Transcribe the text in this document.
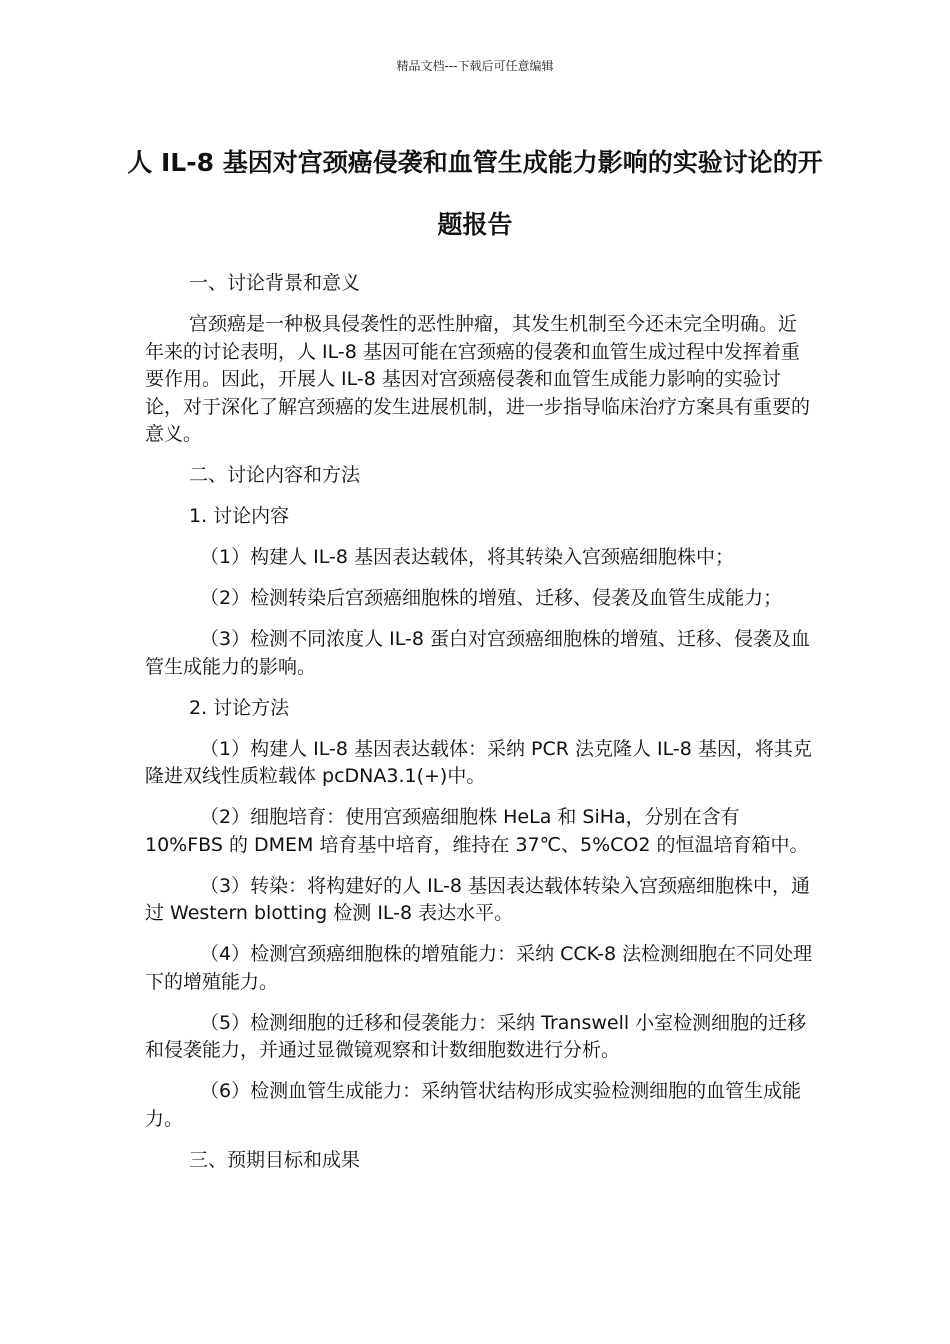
精品文档---下载后可任意编辑
人 IL-8 基因对宫颈癌侵袭和血管生成能力影响的实验讨论的开题报告

一、讨论背景和意义

宫颈癌是一种极具侵袭性的恶性肿瘤，其发生机制至今还未完全明确。近年来的讨论表明，人 IL-8 基因可能在宫颈癌的侵袭和血管生成过程中发挥着重要作用。因此，开展人 IL-8 基因对宫颈癌侵袭和血管生成能力影响的实验讨论，对于深化了解宫颈癌的发生进展机制，进一步指导临床治疗方案具有重要的意义。

二、讨论内容和方法

1. 讨论内容

（1）构建人 IL-8 基因表达载体，将其转染入宫颈癌细胞株中；

（2）检测转染后宫颈癌细胞株的增殖、迁移、侵袭及血管生成能力；

（3）检测不同浓度人 IL-8 蛋白对宫颈癌细胞株的增殖、迁移、侵袭及血管生成能力的影响。

2. 讨论方法

（1）构建人 IL-8 基因表达载体：采纳 PCR 法克隆人 IL-8 基因，将其克隆进双线性质粒载体 pcDNA3.1(+)中。

（2）细胞培育：使用宫颈癌细胞株 HeLa 和 SiHa，分别在含有 10%FBS 的 DMEM 培育基中培育，维持在 37℃、5%CO2 的恒温培育箱中。

（3）转染：将构建好的人 IL-8 基因表达载体转染入宫颈癌细胞株中，通过 Western blotting 检测 IL-8 表达水平。

（4）检测宫颈癌细胞株的增殖能力：采纳 CCK-8 法检测细胞在不同处理下的增殖能力。

（5）检测细胞的迁移和侵袭能力：采纳 Transwell 小室检测细胞的迁移和侵袭能力，并通过显微镜观察和计数细胞数进行分析。

（6）检测血管生成能力：采纳管状结构形成实验检测细胞的血管生成能力。

三、预期目标和成果
